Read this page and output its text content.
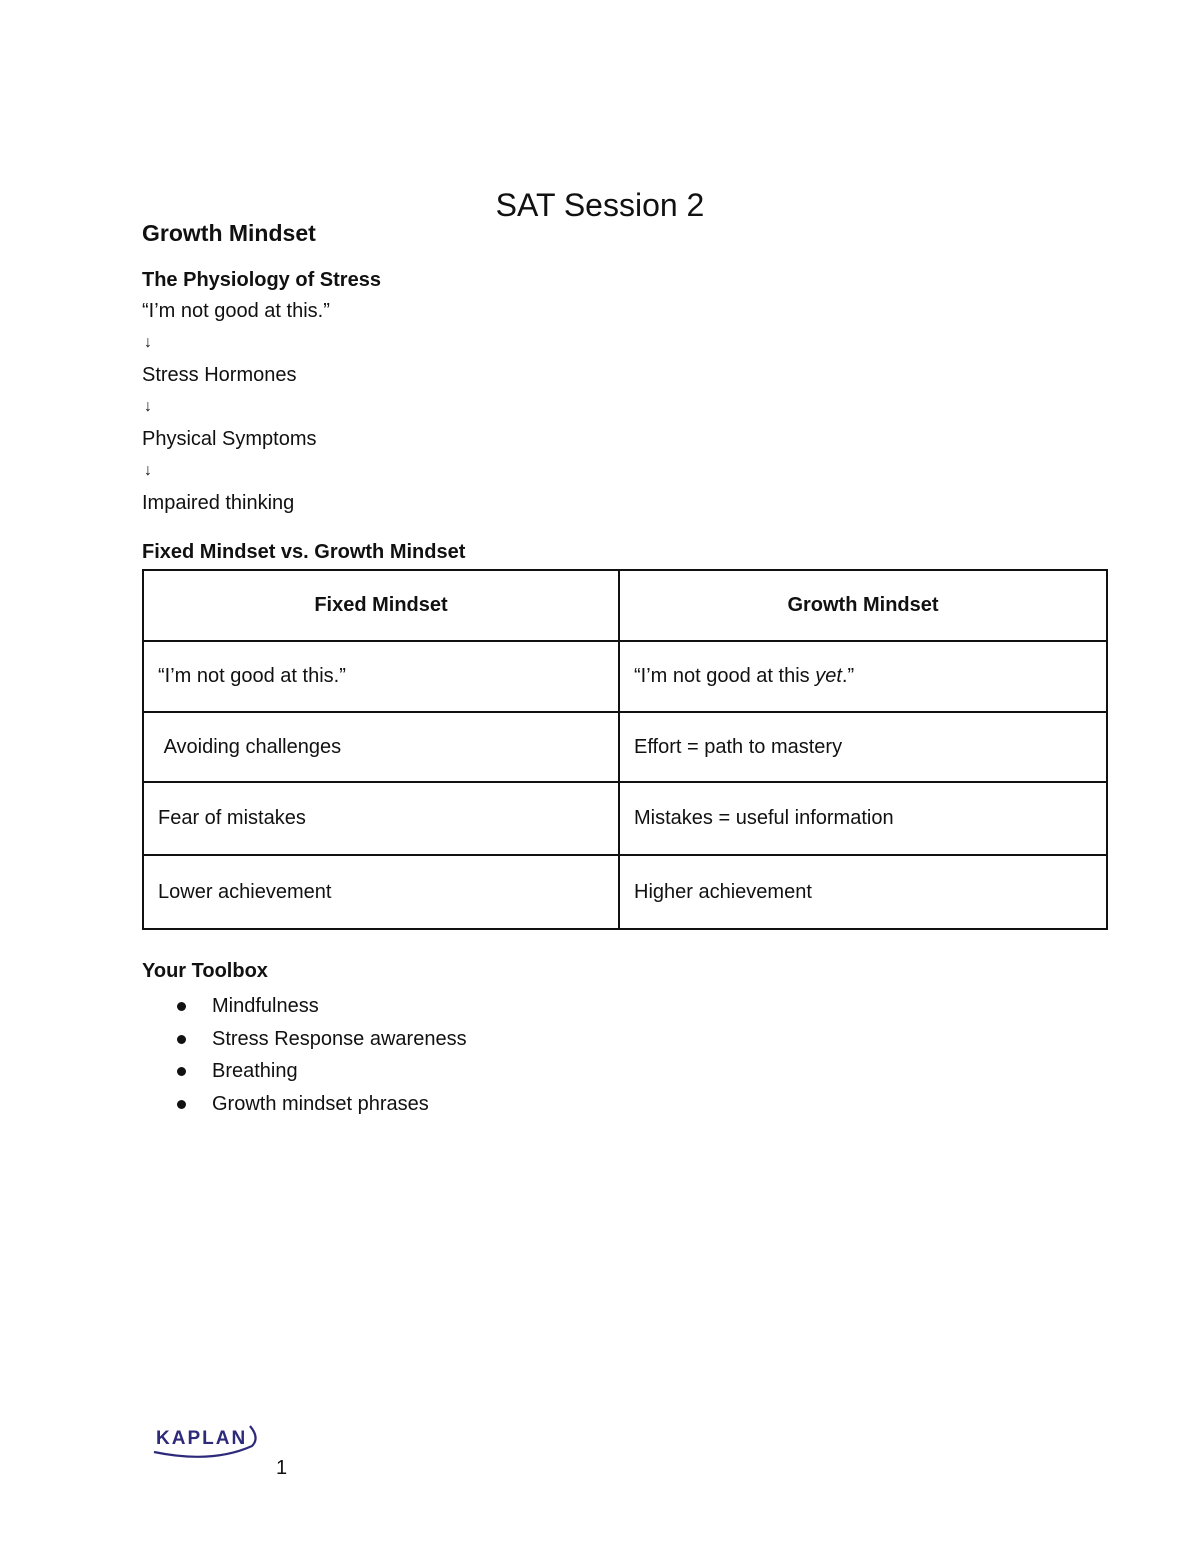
SAT Session 2
Growth Mindset
The Physiology of Stress
“I’m not good at this.”
↓
Stress Hormones
↓
Physical Symptoms
↓
Impaired thinking
Fixed Mindset vs. Growth Mindset
Fixed Mindset	Growth Mindset
“I’m not good at this.”	“I’m not good at this yet.”
Avoiding challenges	Effort = path to mastery
Fear of mistakes	Mistakes = useful information
Lower achievement	Higher achievement
Your Toolbox
Mindfulness
Stress Response awareness
Breathing
Growth mindset phrases
KAPLAN
1
